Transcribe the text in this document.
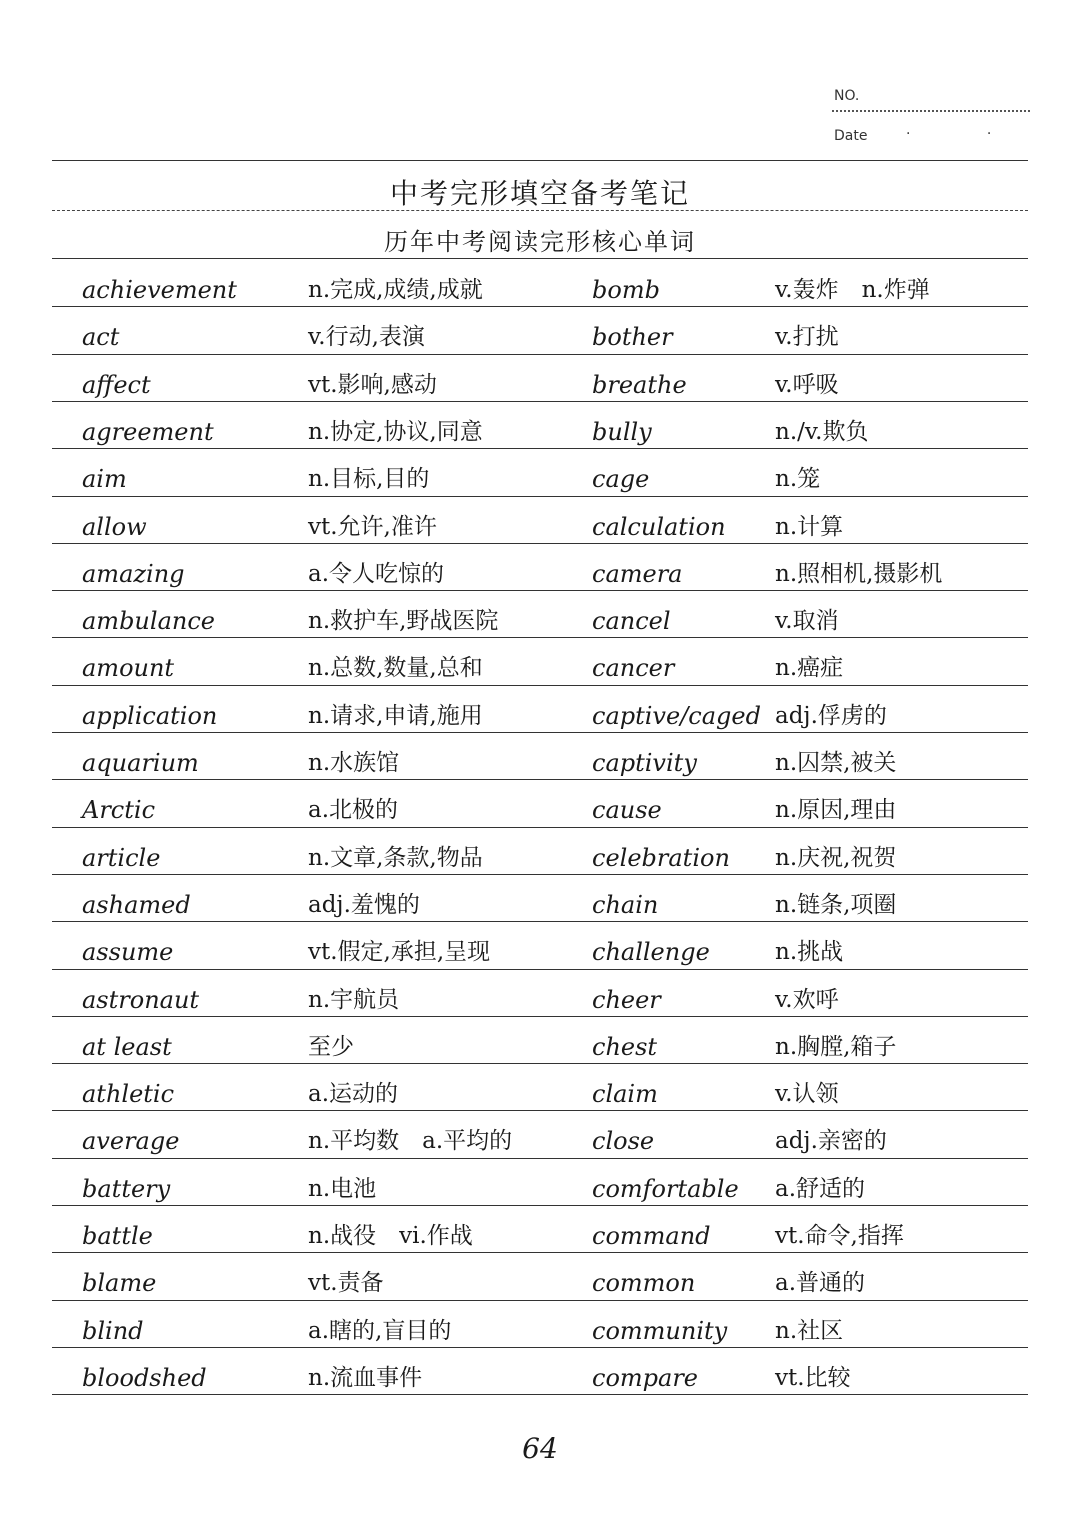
NO.
Date	· ·
中考完形填空备考笔记
历年中考阅读完形核心单词
achievement	n.完成,成绩,成就	bomb	v.轰炸　n.炸弹
act	v.行动,表演	bother	v.打扰
affect	vt.影响,感动	breathe	v.呼吸
agreement	n.协定,协议,同意	bully	n./v.欺负
aim	n.目标,目的	cage	n.笼
allow	vt.允许,准许	calculation n.计算
amazing	a.令人吃惊的	camera	n.照相机,摄影机
ambulance	n.救护车,野战医院	cancel	v.取消
amount	n.总数,数量,总和	cancer	n.癌症
application	n.请求,申请,施用	captive/caged adj.俘虏的
aquarium	n.水族馆	captivity	n.囚禁,被关
Arctic	a.北极的	cause	n.原因,理由
article	n.文章,条款,物品	celebration n.庆祝,祝贺
ashamed	adj.羞愧的	chain	n.链条,项圈
assume	vt.假定,承担,呈现	challenge	n.挑战
astronaut	n.宇航员	cheer	v.欢呼
at least	至少	chest	n.胸膛,箱子
athletic	a.运动的	claim	v.认领
average	n.平均数　a.平均的	close	adj.亲密的
battery	n.电池	comfortable a.舒适的
battle	n.战役　vi.作战	command	vt.命令,指挥
blame	vt.责备	common	a.普通的
blind	a.瞎的,盲目的	community n.社区
bloodshed	n.流血事件	compare	vt.比较
64
